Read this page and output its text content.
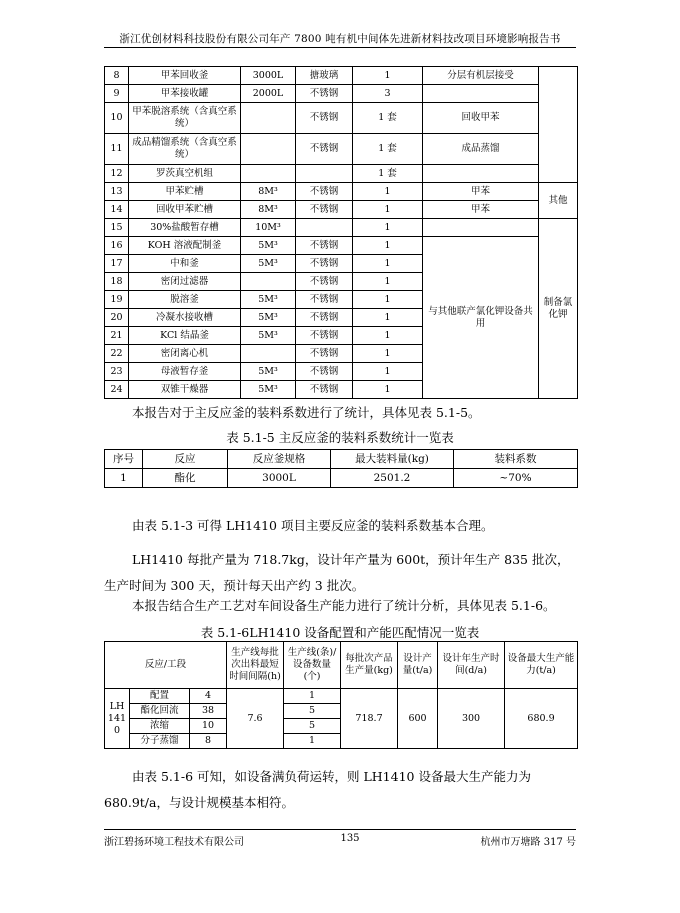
浙江优创材料科技股份有限公司年产 7800 吨有机中间体先进新材料技改项目环境影响报告书
8	甲苯回收釜	3000L	搪玻璃	1	分层有机层接受	
9	甲苯接收罐	2000L	不锈钢	3		
10	甲苯脱溶系统（含真空系统）		不锈钢	1 套	回收甲苯	
11	成品精馏系统（含真空系统）		不锈钢	1 套	成品蒸馏	
12	罗茨真空机组			1 套		
13	甲苯贮槽	8M³	不锈钢	1	甲苯	其他
14	回收甲苯贮槽	8M³	不锈钢	1	甲苯	
15	30%盐酸暂存槽	10M³		1		制备氯化钾
16	KOH 溶液配制釜	5M³	不锈钢	1	与其他联产氯化钾设备共用	
17	中和釜	5M³	不锈钢	1		
18	密闭过滤器		不锈钢	1		
19	脱溶釜	5M³	不锈钢	1		
20	冷凝水接收槽	5M³	不锈钢	1		
21	KCl 结晶釜	5M³	不锈钢	1		
22	密闭离心机		不锈钢	1		
23	母液暂存釜	5M³	不锈钢	1		
24	双锥干燥器	5M³	不锈钢	1		
本报告对于主反应釜的装料系数进行了统计，具体见表 5.1-5。
表 5.1-5 主反应釜的装料系数统计一览表
序号	反应	反应釜规格	最大装料量(kg)	装料系数
1	酯化	3000L	2501.2	~70%
由表 5.1-3 可得 LH1410 项目主要反应釜的装料系数基本合理。
LH1410 每批产量为 718.7kg，设计年产量为 600t，预计年生产 835 批次，生产时间为 300 天，预计每天出产约 3 批次。
本报告结合生产工艺对车间设备生产能力进行了统计分析，具体见表 5.1-6。
表 5.1-6LH1410 设备配置和产能匹配情况一览表
反应/工段			生产线每批次出料最短时间间隔(h)	生产线(条)/设备数量(个)	每批次产品生产量(kg)	设计产量(t/a)	设计年生产时间(d/a)	设备最大生产能力(t/a)
LH1410	配置	4	7.6	1	718.7	600	300	680.9
	酯化回流	38		5				
	浓缩	10		5				
	分子蒸馏	8		1				
由表 5.1-6 可知，如设备满负荷运转，则 LH1410 设备最大生产能力为 680.9t/a，与设计规模基本相符。
浙江碧扬环境工程技术有限公司	135	杭州市万塘路 317 号
